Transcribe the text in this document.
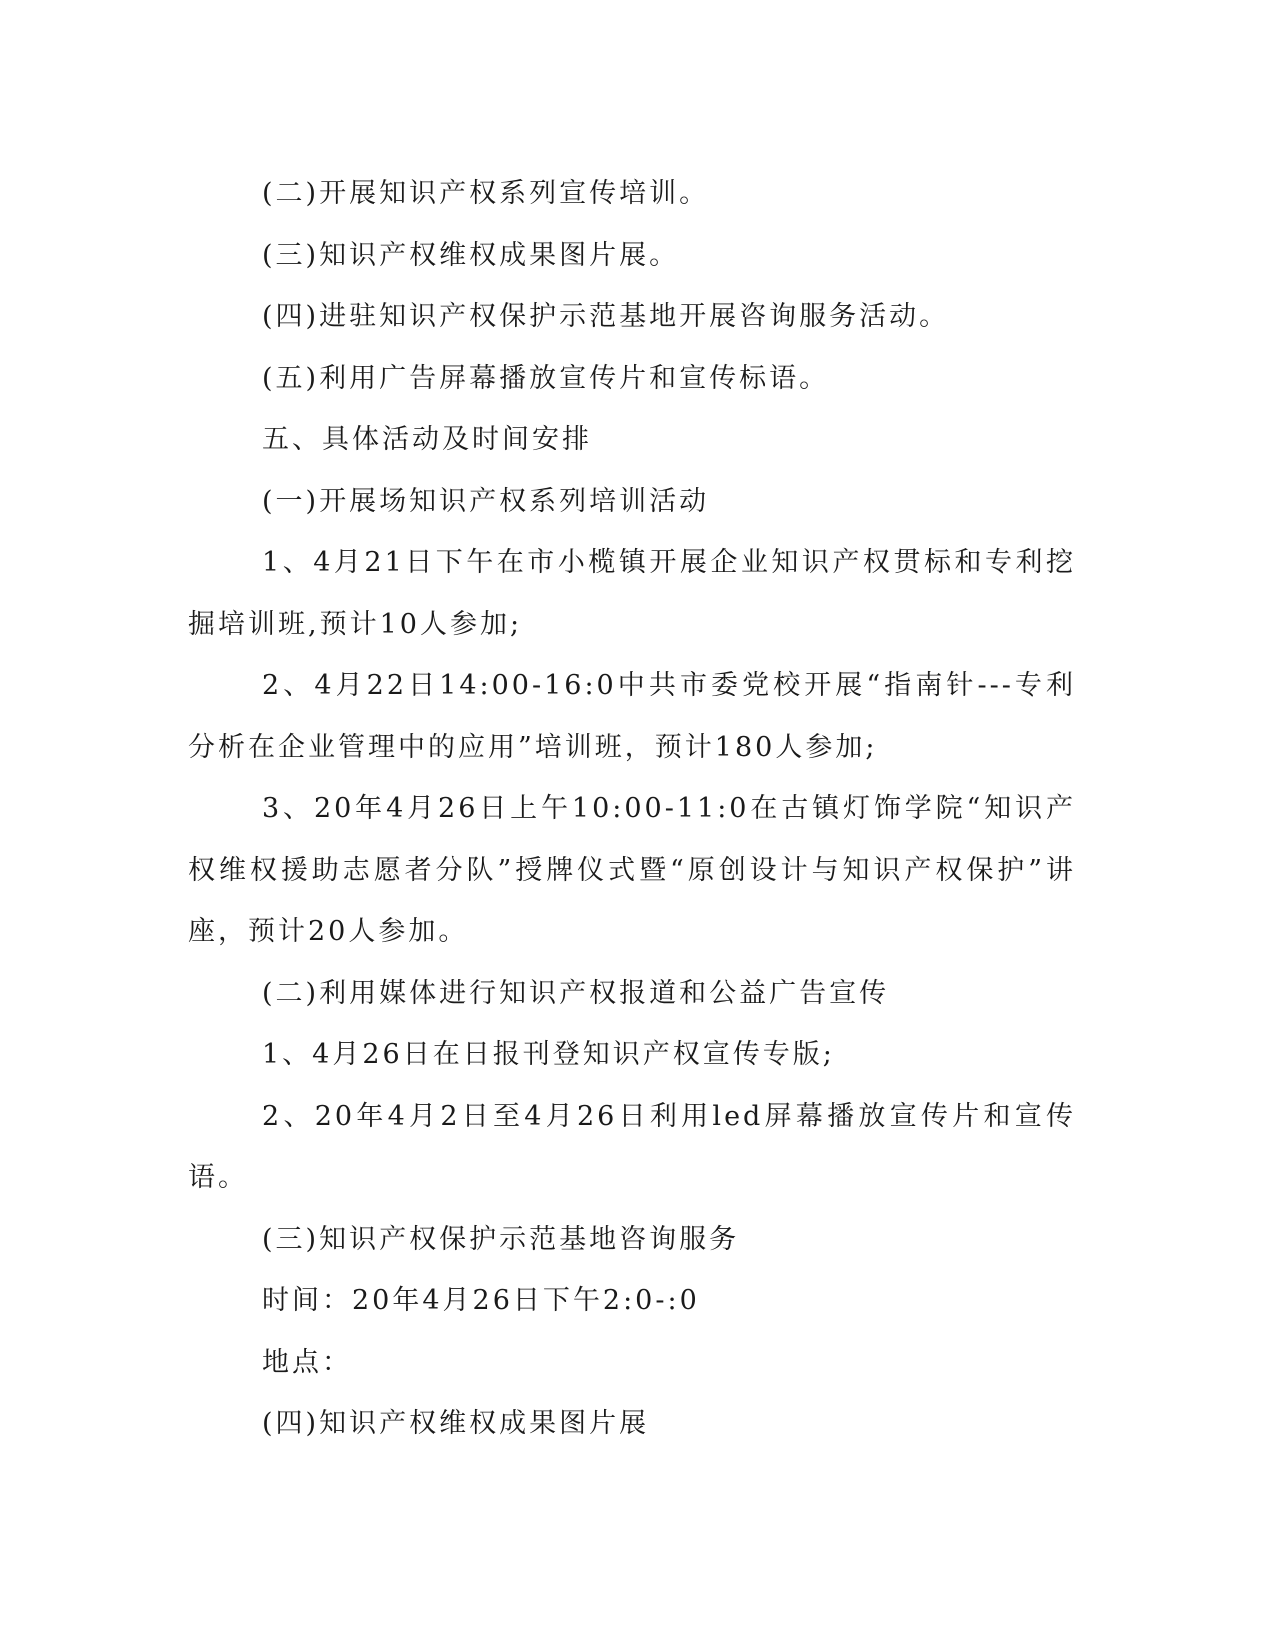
(二)开展知识产权系列宣传培训。

(三)知识产权维权成果图片展。

(四)进驻知识产权保护示范基地开展咨询服务活动。

(五)利用广告屏幕播放宣传片和宣传标语。

五、具体活动及时间安排

(一)开展场知识产权系列培训活动

1、4月21日下午在市小榄镇开展企业知识产权贯标和专利挖掘培训班,预计10人参加;

2、4月22日14:00-16:0中共市委党校开展“指南针---专利分析在企业管理中的应用”培训班，预计180人参加;

3、20年4月26日上午10:00-11:0在古镇灯饰学院“知识产权维权援助志愿者分队”授牌仪式暨“原创设计与知识产权保护”讲座，预计20人参加。

(二)利用媒体进行知识产权报道和公益广告宣传

1、4月26日在日报刊登知识产权宣传专版;

2、20年4月2日至4月26日利用led屏幕播放宣传片和宣传语。

(三)知识产权保护示范基地咨询服务

时间：20年4月26日下午2:0-:0

地点：

(四)知识产权维权成果图片展
